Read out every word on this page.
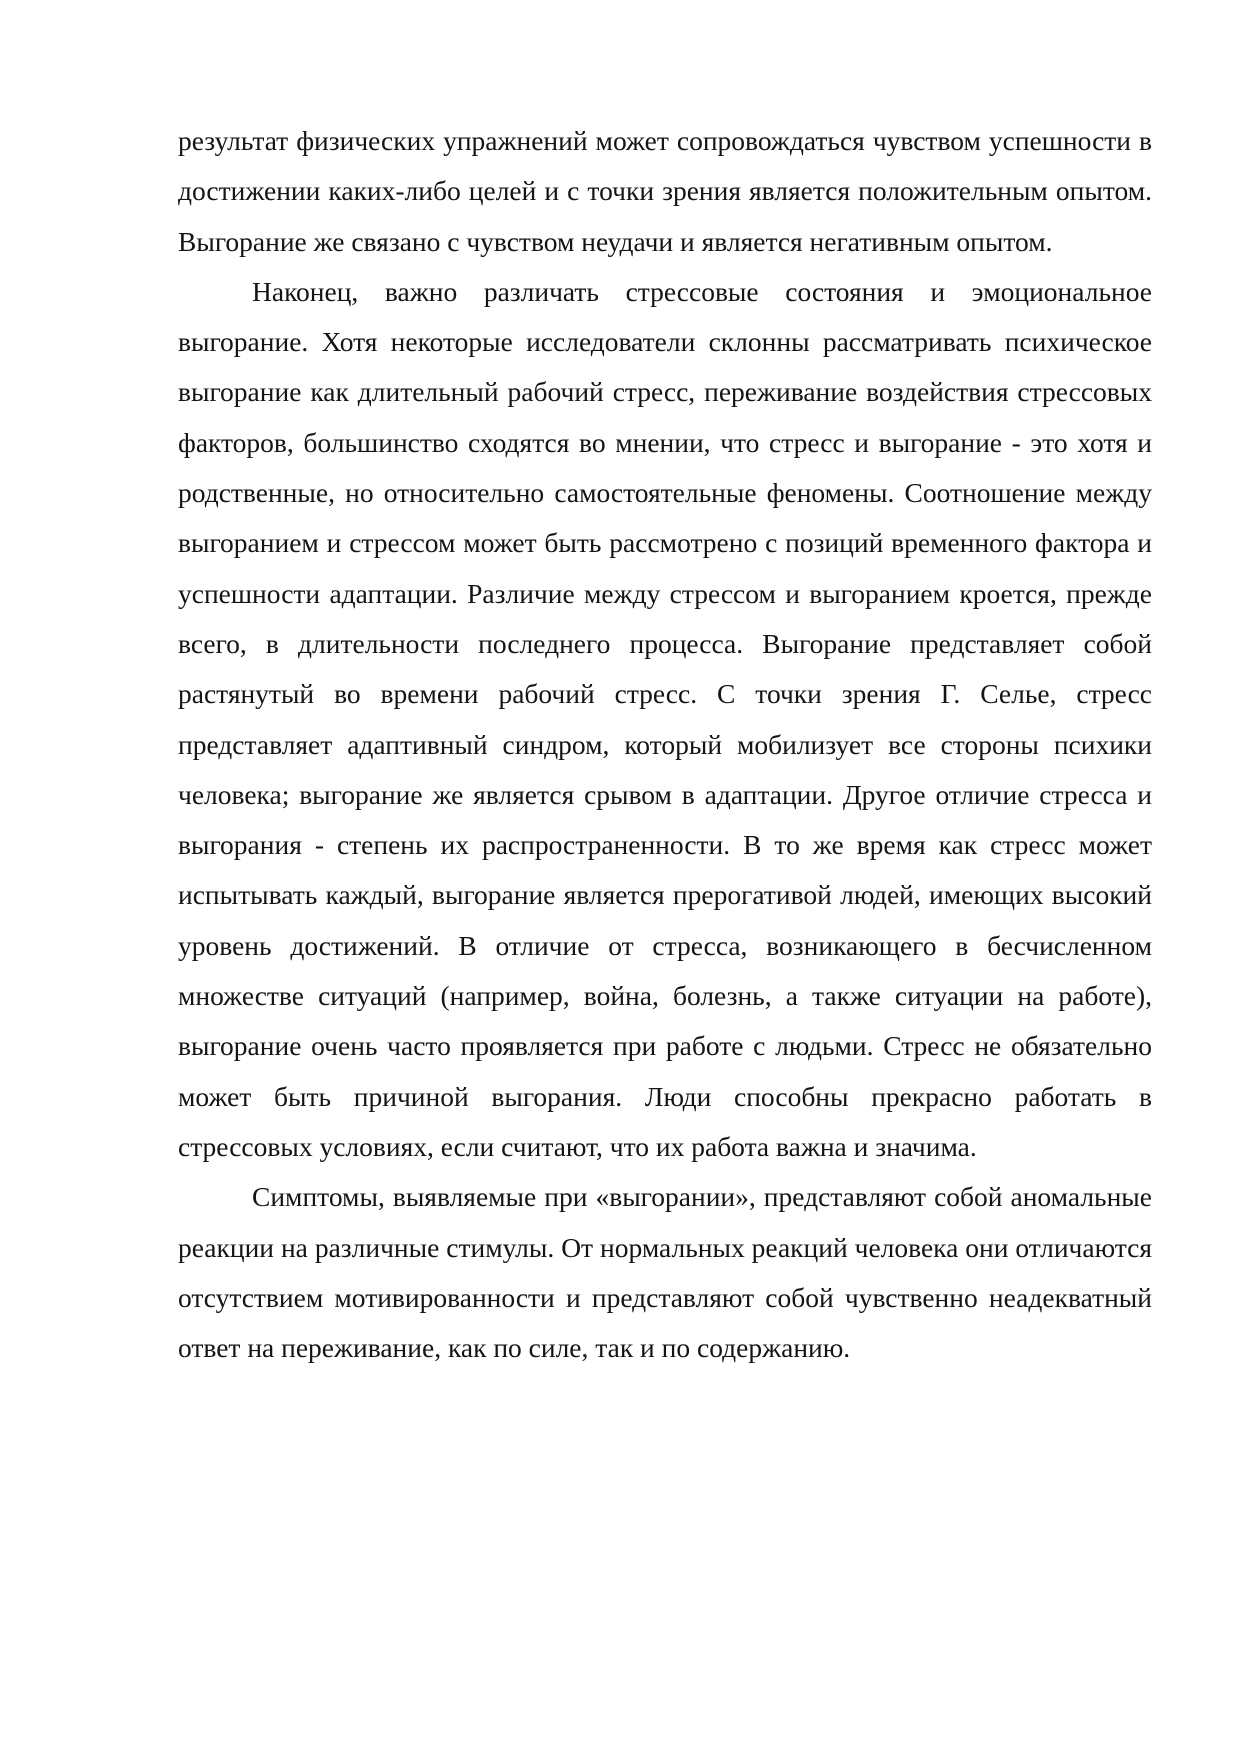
результат физических упражнений может сопровождаться чувством успешности в достижении каких-либо целей и с точки зрения является положительным опытом. Выгорание же связано с чувством неудачи и является негативным опытом.

Наконец, важно различать стрессовые состояния и эмоциональное выгорание. Хотя некоторые исследователи склонны рассматривать психическое выгорание как длительный рабочий стресс, переживание воздействия стрессовых факторов, большинство сходятся во мнении, что стресс и выгорание - это хотя и родственные, но относительно самостоятельные феномены. Соотношение между выгоранием и стрессом может быть рассмотрено с позиций временного фактора и успешности адаптации. Различие между стрессом и выгоранием кроется, прежде всего, в длительности последнего процесса. Выгорание представляет собой растянутый во времени рабочий стресс. С точки зрения Г. Селье, стресс представляет адаптивный синдром, который мобилизует все стороны психики человека; выгорание же является срывом в адаптации. Другое отличие стресса и выгорания - степень их распространенности. В то же время как стресс может испытывать каждый, выгорание является прерогативой людей, имеющих высокий уровень достижений. В отличие от стресса, возникающего в бесчисленном множестве ситуаций (например, война, болезнь, а также ситуации на работе), выгорание очень часто проявляется при работе с людьми. Стресс не обязательно может быть причиной выгорания. Люди способны прекрасно работать в стрессовых условиях, если считают, что их работа важна и значима.

Симптомы, выявляемые при «выгорании», представляют собой аномальные реакции на различные стимулы. От нормальных реакций человека они отличаются отсутствием мотивированности и представляют собой чувственно неадекватный ответ на переживание, как по силе, так и по содержанию.
